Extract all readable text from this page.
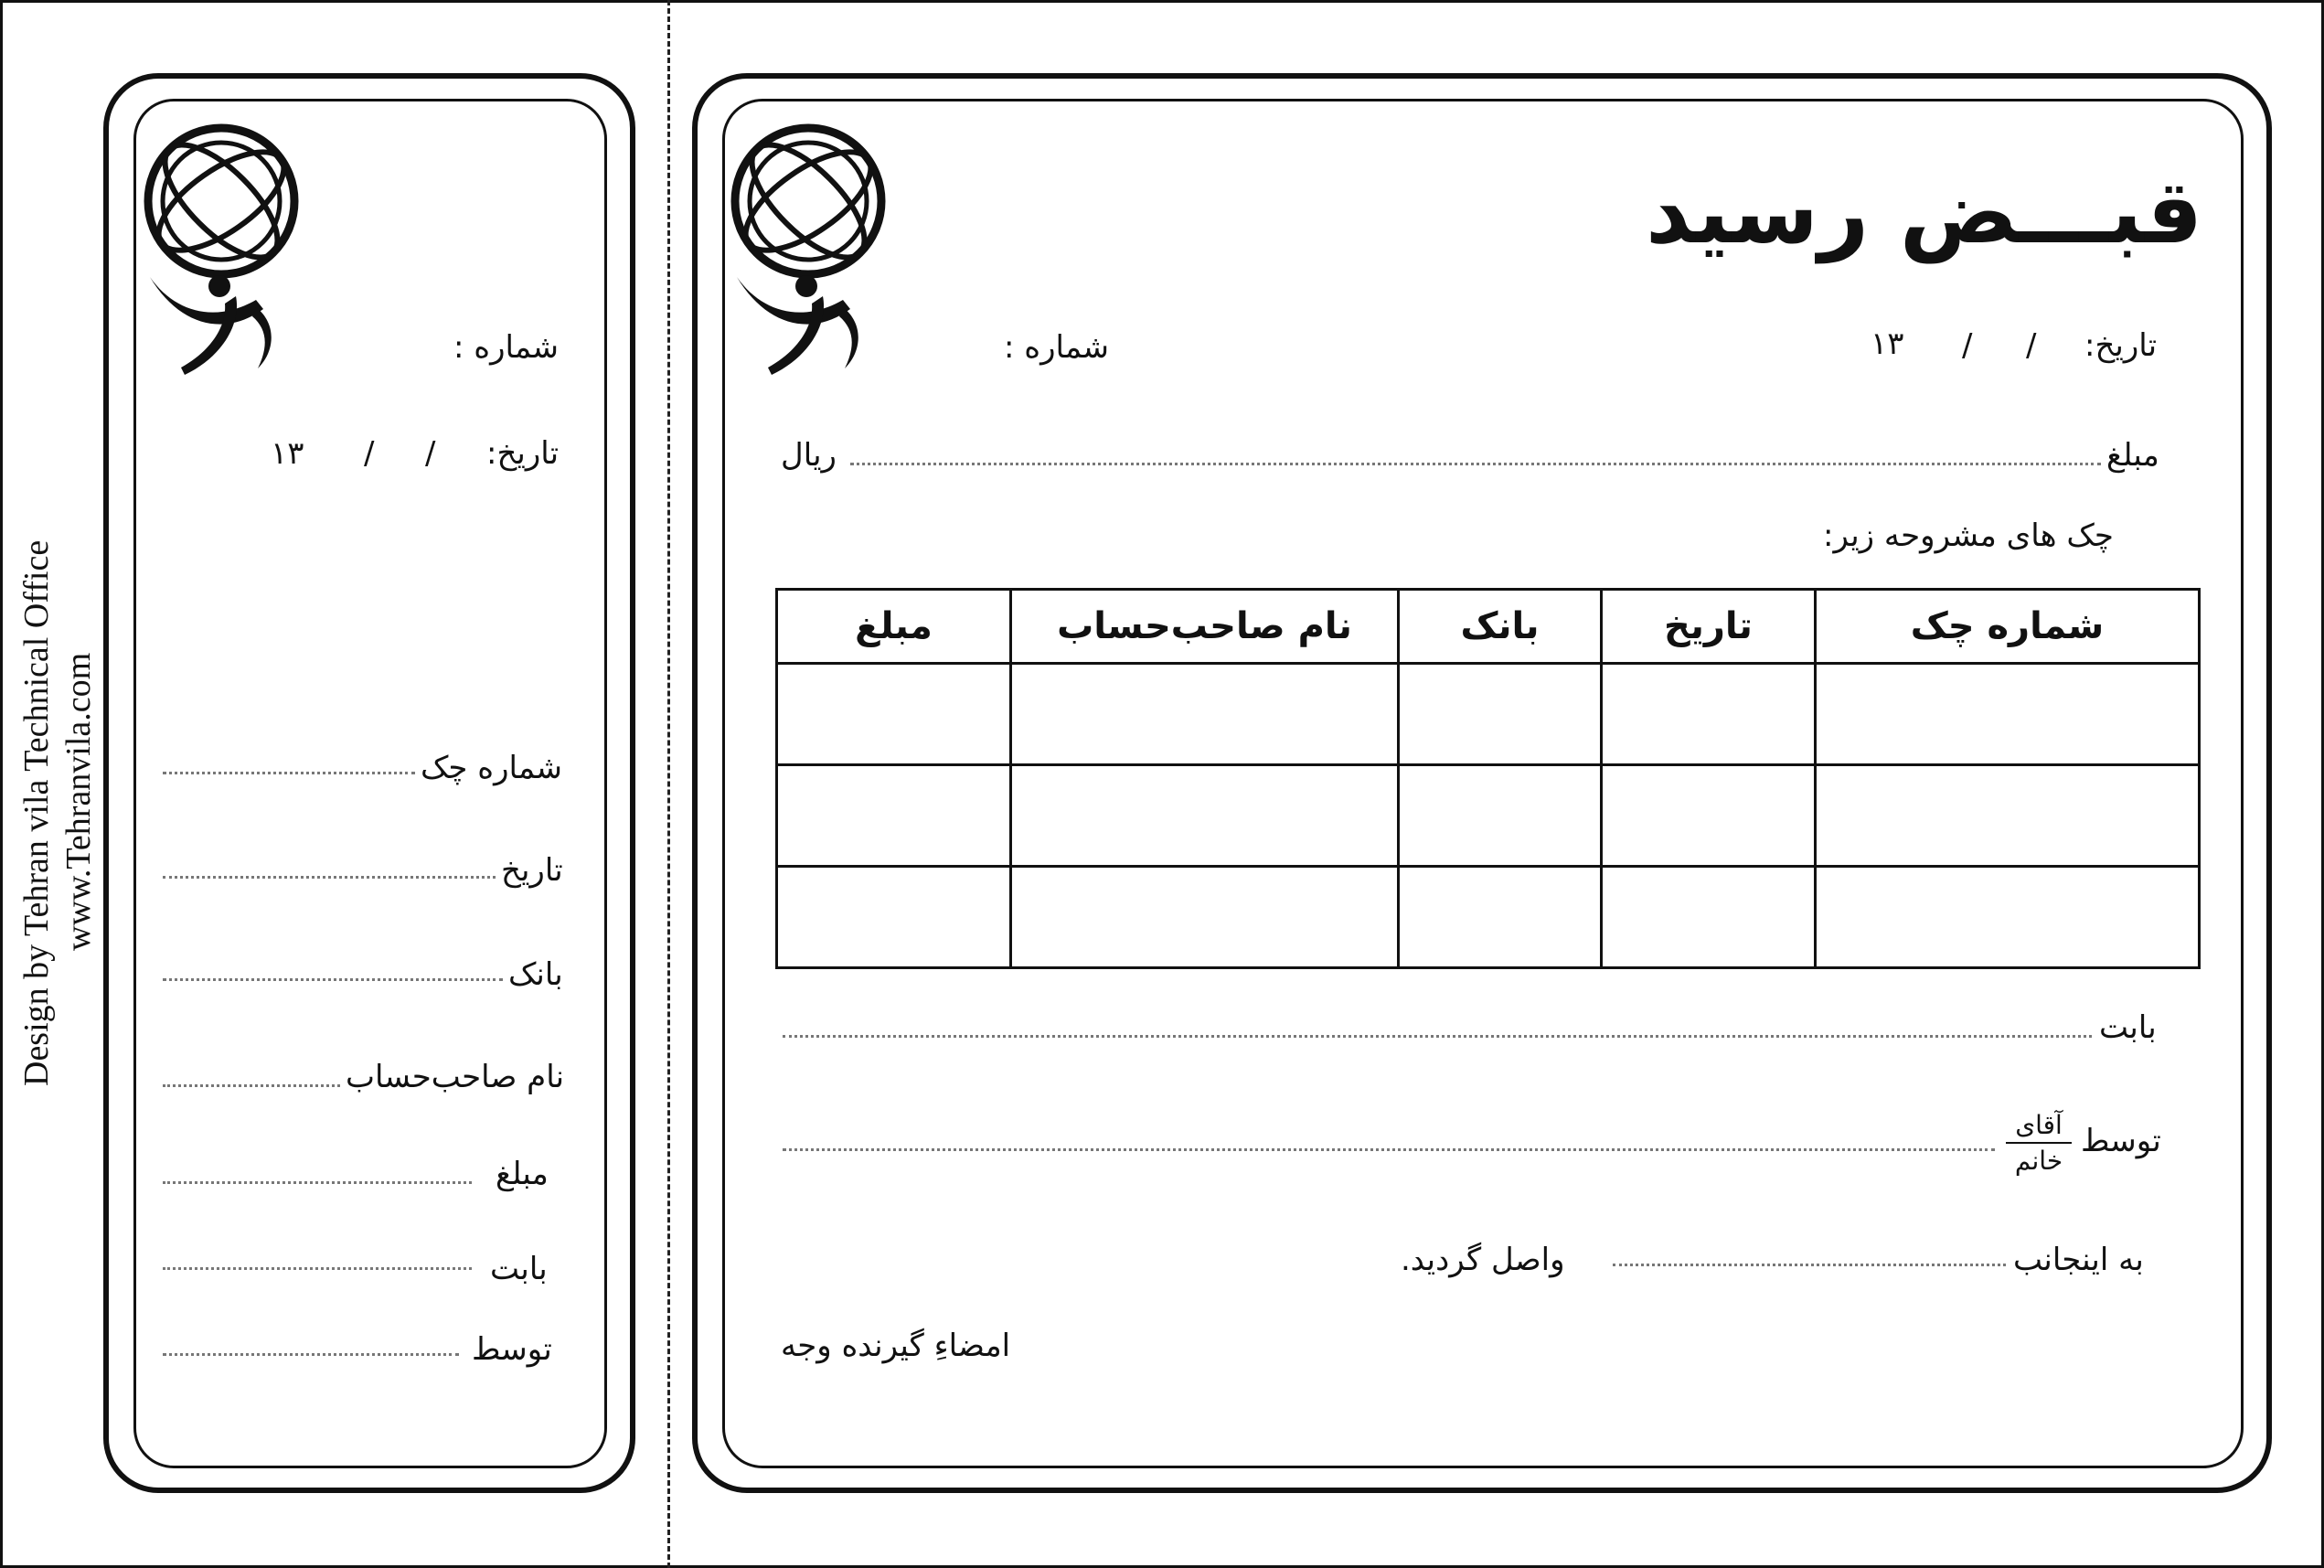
Design by Tehran vila Technical Office www.Tehranvila.com
شماره :
تاریخ:
/
/
۱۳
شماره چک
تاریخ
بانک
نام صاحب‌حساب
مبلغ
بابت
توسط
قبـــض رسید
شماره :	تاریخ:
/
/
۱۳
مبلغ
ریال
چک های مشروحه زیر:
شماره چک	تاریخ	بانک	نام صاحب‌حساب	مبلغ

بابت
توسط
آقای
خانم
به اینجانب
واصل گردید.
امضاءِ گیرنده وجه
